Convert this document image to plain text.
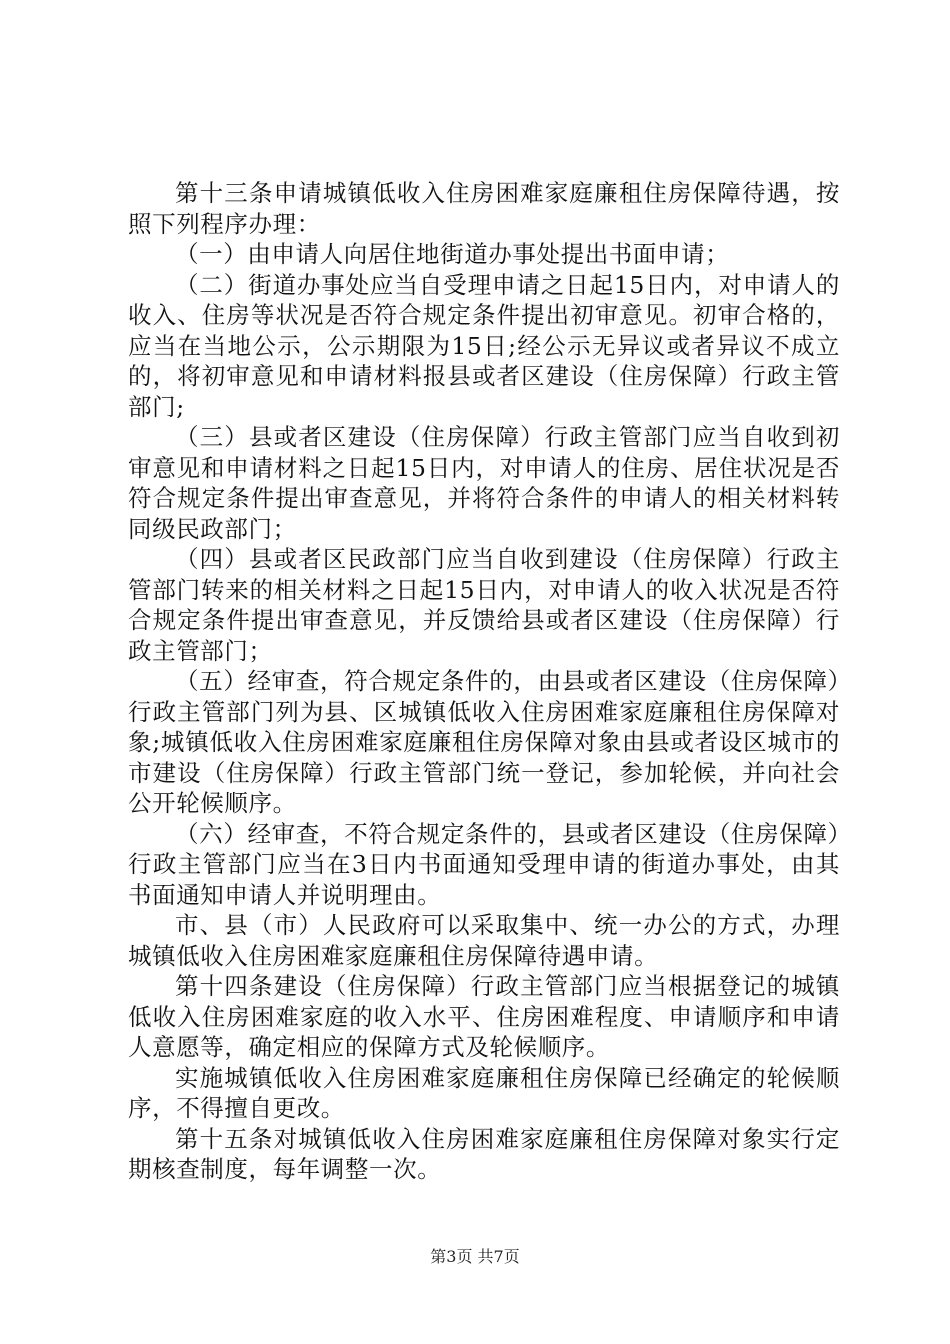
第十三条申请城镇低收入住房困难家庭廉租住房保障待遇，按照下列程序办理：

（一）由申请人向居住地街道办事处提出书面申请；

（二）街道办事处应当自受理申请之日起15日内，对申请人的收入、住房等状况是否符合规定条件提出初审意见。初审合格的，应当在当地公示，公示期限为15日;经公示无异议或者异议不成立的，将初审意见和申请材料报县或者区建设（住房保障）行政主管部门;

（三）县或者区建设（住房保障）行政主管部门应当自收到初审意见和申请材料之日起15日内，对申请人的住房、居住状况是否符合规定条件提出审查意见，并将符合条件的申请人的相关材料转同级民政部门；

（四）县或者区民政部门应当自收到建设（住房保障）行政主管部门转来的相关材料之日起15日内，对申请人的收入状况是否符合规定条件提出审查意见，并反馈给县或者区建设（住房保障）行政主管部门；

（五）经审查，符合规定条件的，由县或者区建设（住房保障）行政主管部门列为县、区城镇低收入住房困难家庭廉租住房保障对象;城镇低收入住房困难家庭廉租住房保障对象由县或者设区城市的市建设（住房保障）行政主管部门统一登记，参加轮候，并向社会公开轮候顺序。

（六）经审查，不符合规定条件的，县或者区建设（住房保障）行政主管部门应当在3日内书面通知受理申请的街道办事处，由其书面通知申请人并说明理由。

市、县（市）人民政府可以采取集中、统一办公的方式，办理城镇低收入住房困难家庭廉租住房保障待遇申请。

第十四条建设（住房保障）行政主管部门应当根据登记的城镇低收入住房困难家庭的收入水平、住房困难程度、申请顺序和申请人意愿等，确定相应的保障方式及轮候顺序。

实施城镇低收入住房困难家庭廉租住房保障已经确定的轮候顺序，不得擅自更改。

第十五条对城镇低收入住房困难家庭廉租住房保障对象实行定期核查制度，每年调整一次。

第3页 共7页
